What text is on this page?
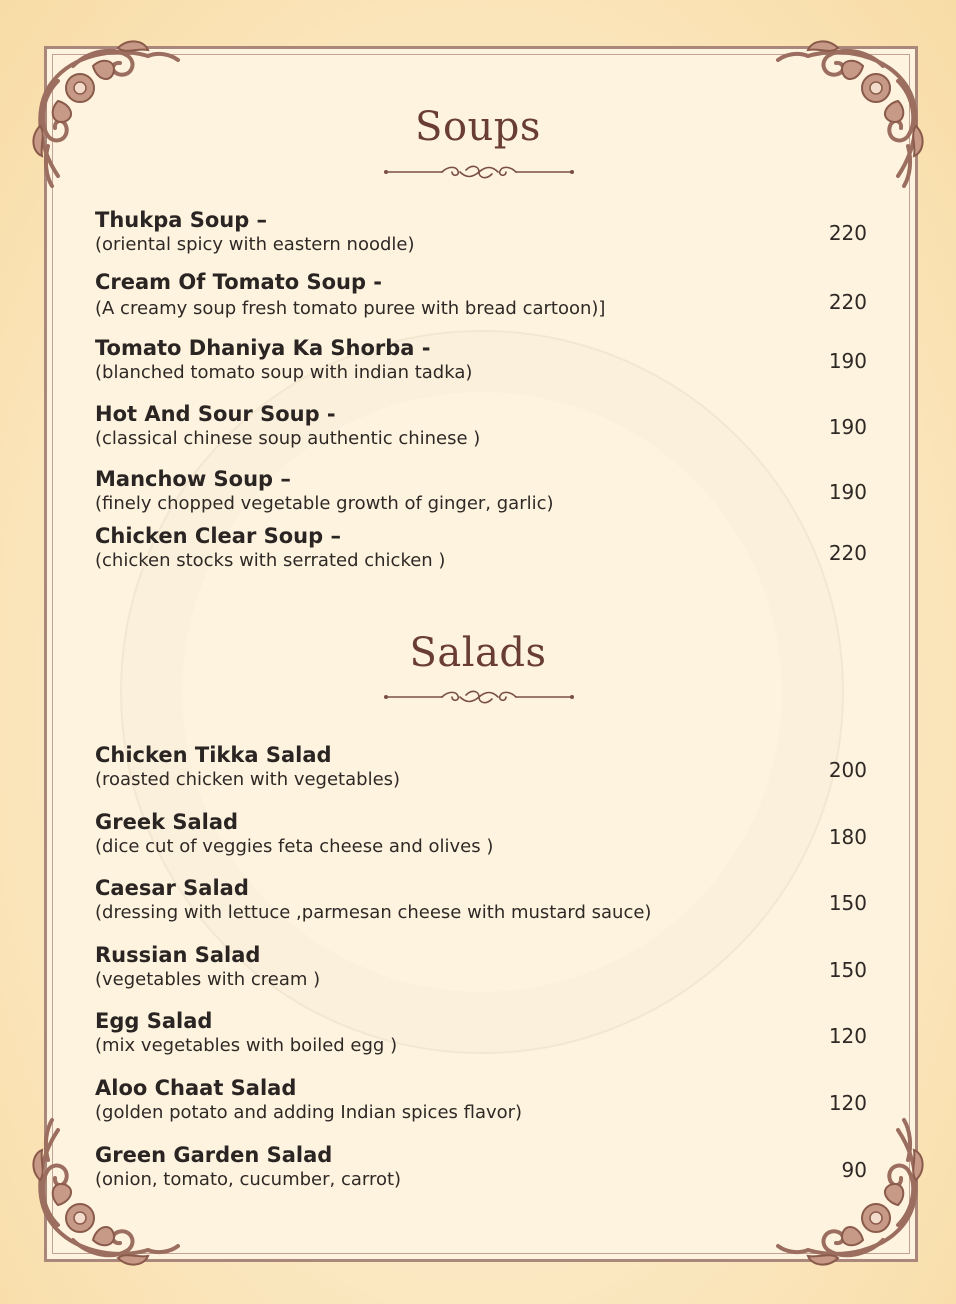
Soups
Thukpa Soup –
(oriental spicy with eastern noodle)	220
Cream Of Tomato Soup -
(A creamy soup fresh tomato puree with bread cartoon)]	220
Tomato Dhaniya Ka Shorba -
(blanched tomato soup with indian tadka)	190
Hot And Sour Soup -
(classical chinese soup authentic chinese )	190
Manchow Soup –
(finely chopped vegetable growth of ginger, garlic)	190
Chicken Clear Soup –
(chicken stocks with serrated chicken )	220
Salads
Chicken Tikka Salad
(roasted chicken with vegetables)	200
Greek Salad
(dice cut of veggies feta cheese and olives )	180
Caesar Salad
(dressing with lettuce ,parmesan cheese with mustard sauce)	150
Russian Salad
(vegetables with cream )	150
Egg Salad
(mix vegetables with boiled egg )	120
Aloo Chaat Salad
(golden potato and adding Indian spices flavor)	120
Green Garden Salad
(onion, tomato, cucumber, carrot)	90
